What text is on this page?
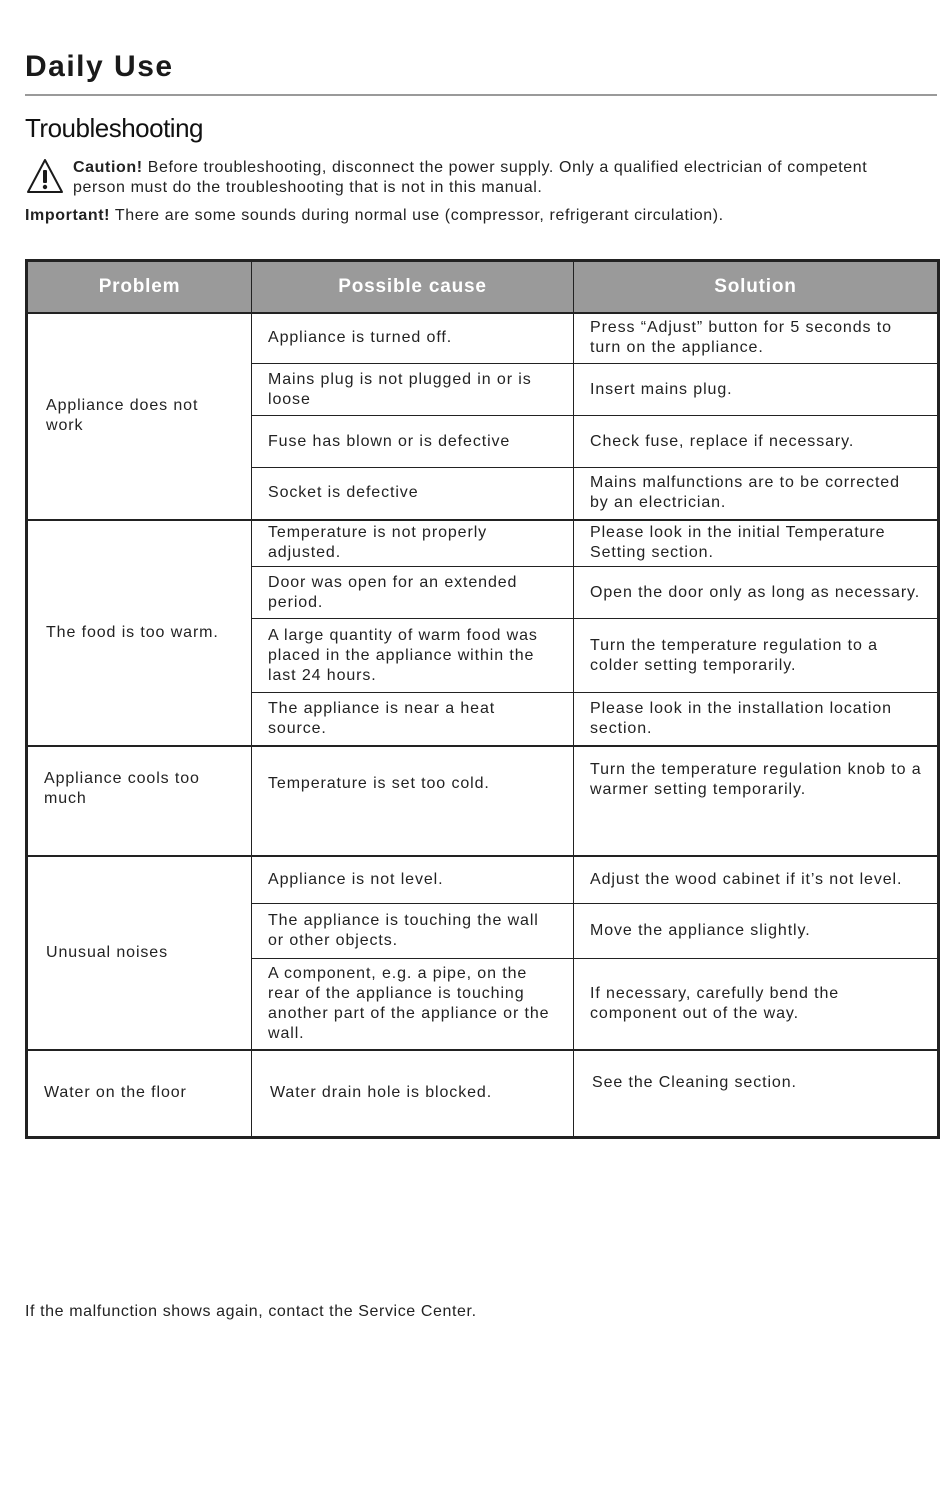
Daily Use
Troubleshooting
Caution! Before troubleshooting, disconnect the power supply. Only a qualified electrician of competent person must do the troubleshooting that is not in this manual.
Important! There are some sounds during normal use (compressor, refrigerant circulation).
Problem	Possible cause	Solution
Appliance does not work	Appliance is turned off.	Press “Adjust” button for 5 seconds to turn on the appliance.
	Mains plug is not plugged in or is loose	Insert mains plug.
	Fuse has blown or is defective	Check fuse, replace if necessary.
	Socket is defective	Mains malfunctions are to be corrected by an electrician.
The food is too warm.	Temperature is not properly adjusted.	Please look in the initial Temperature Setting section.
	Door was open for an extended period.	Open the door only as long as necessary.
	A large quantity of warm food was placed in the appliance within the last 24 hours.	Turn the temperature regulation to a colder setting temporarily.
	The appliance is near a heat source.	Please look in the installation location section.
Appliance cools too much	Temperature is set too cold.	Turn the temperature regulation knob to a warmer setting temporarily.
Unusual noises	Appliance is not level.	Adjust the wood cabinet if it’s not level.
	The appliance is touching the wall or other objects.	Move the appliance slightly.
	A component, e.g. a pipe, on the rear of the appliance is touching another part of the appliance or the wall.	If necessary, carefully bend the component out of the way.
Water on the floor	Water drain hole is blocked.	See the Cleaning section.
If the malfunction shows again, contact the Service Center.
